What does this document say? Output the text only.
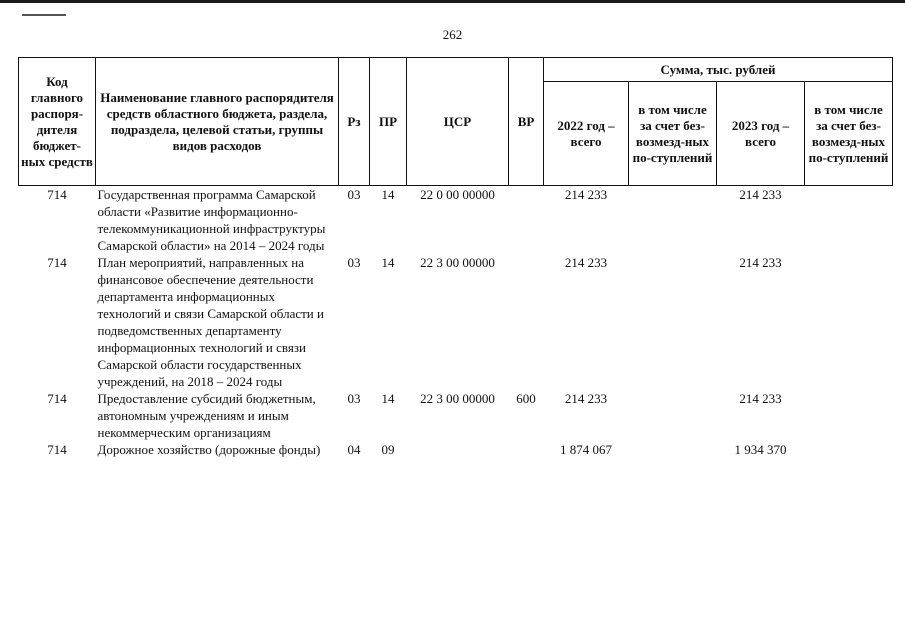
262
Код главного распоря-дителя бюджет-ных средств	Наименование главного распорядителя средств областного бюджета, раздела, подраздела, целевой статьи, группы видов расходов	Рз	ПР	ЦСР	ВР	Сумма, тыс. рублей			
						2022 год – всего	в том числе за счет без-возмезд-ных по-ступлений	2023 год – всего	в том числе за счет без-возмезд-ных по-ступлений
714	Государственная программа Самарской области «Развитие информационно-телекоммуникационной инфраструктуры Самарской области» на 2014 – 2024 годы	03	14	22 0 00 00000		214 233		214 233	
714	План мероприятий, направленных на финансовое обеспечение деятельности департамента информационных технологий и связи Самарской области и подведомственных департаменту информационных технологий и связи Самарской области государственных учреждений, на 2018 – 2024 годы	03	14	22 3 00 00000		214 233		214 233	
714	Предоставление субсидий бюджетным, автономным учреждениям и иным некоммерческим организациям	03	14	22 3 00 00000	600	214 233		214 233	
714	Дорожное хозяйство (дорожные фонды)	04	09			1 874 067		1 934 370	
